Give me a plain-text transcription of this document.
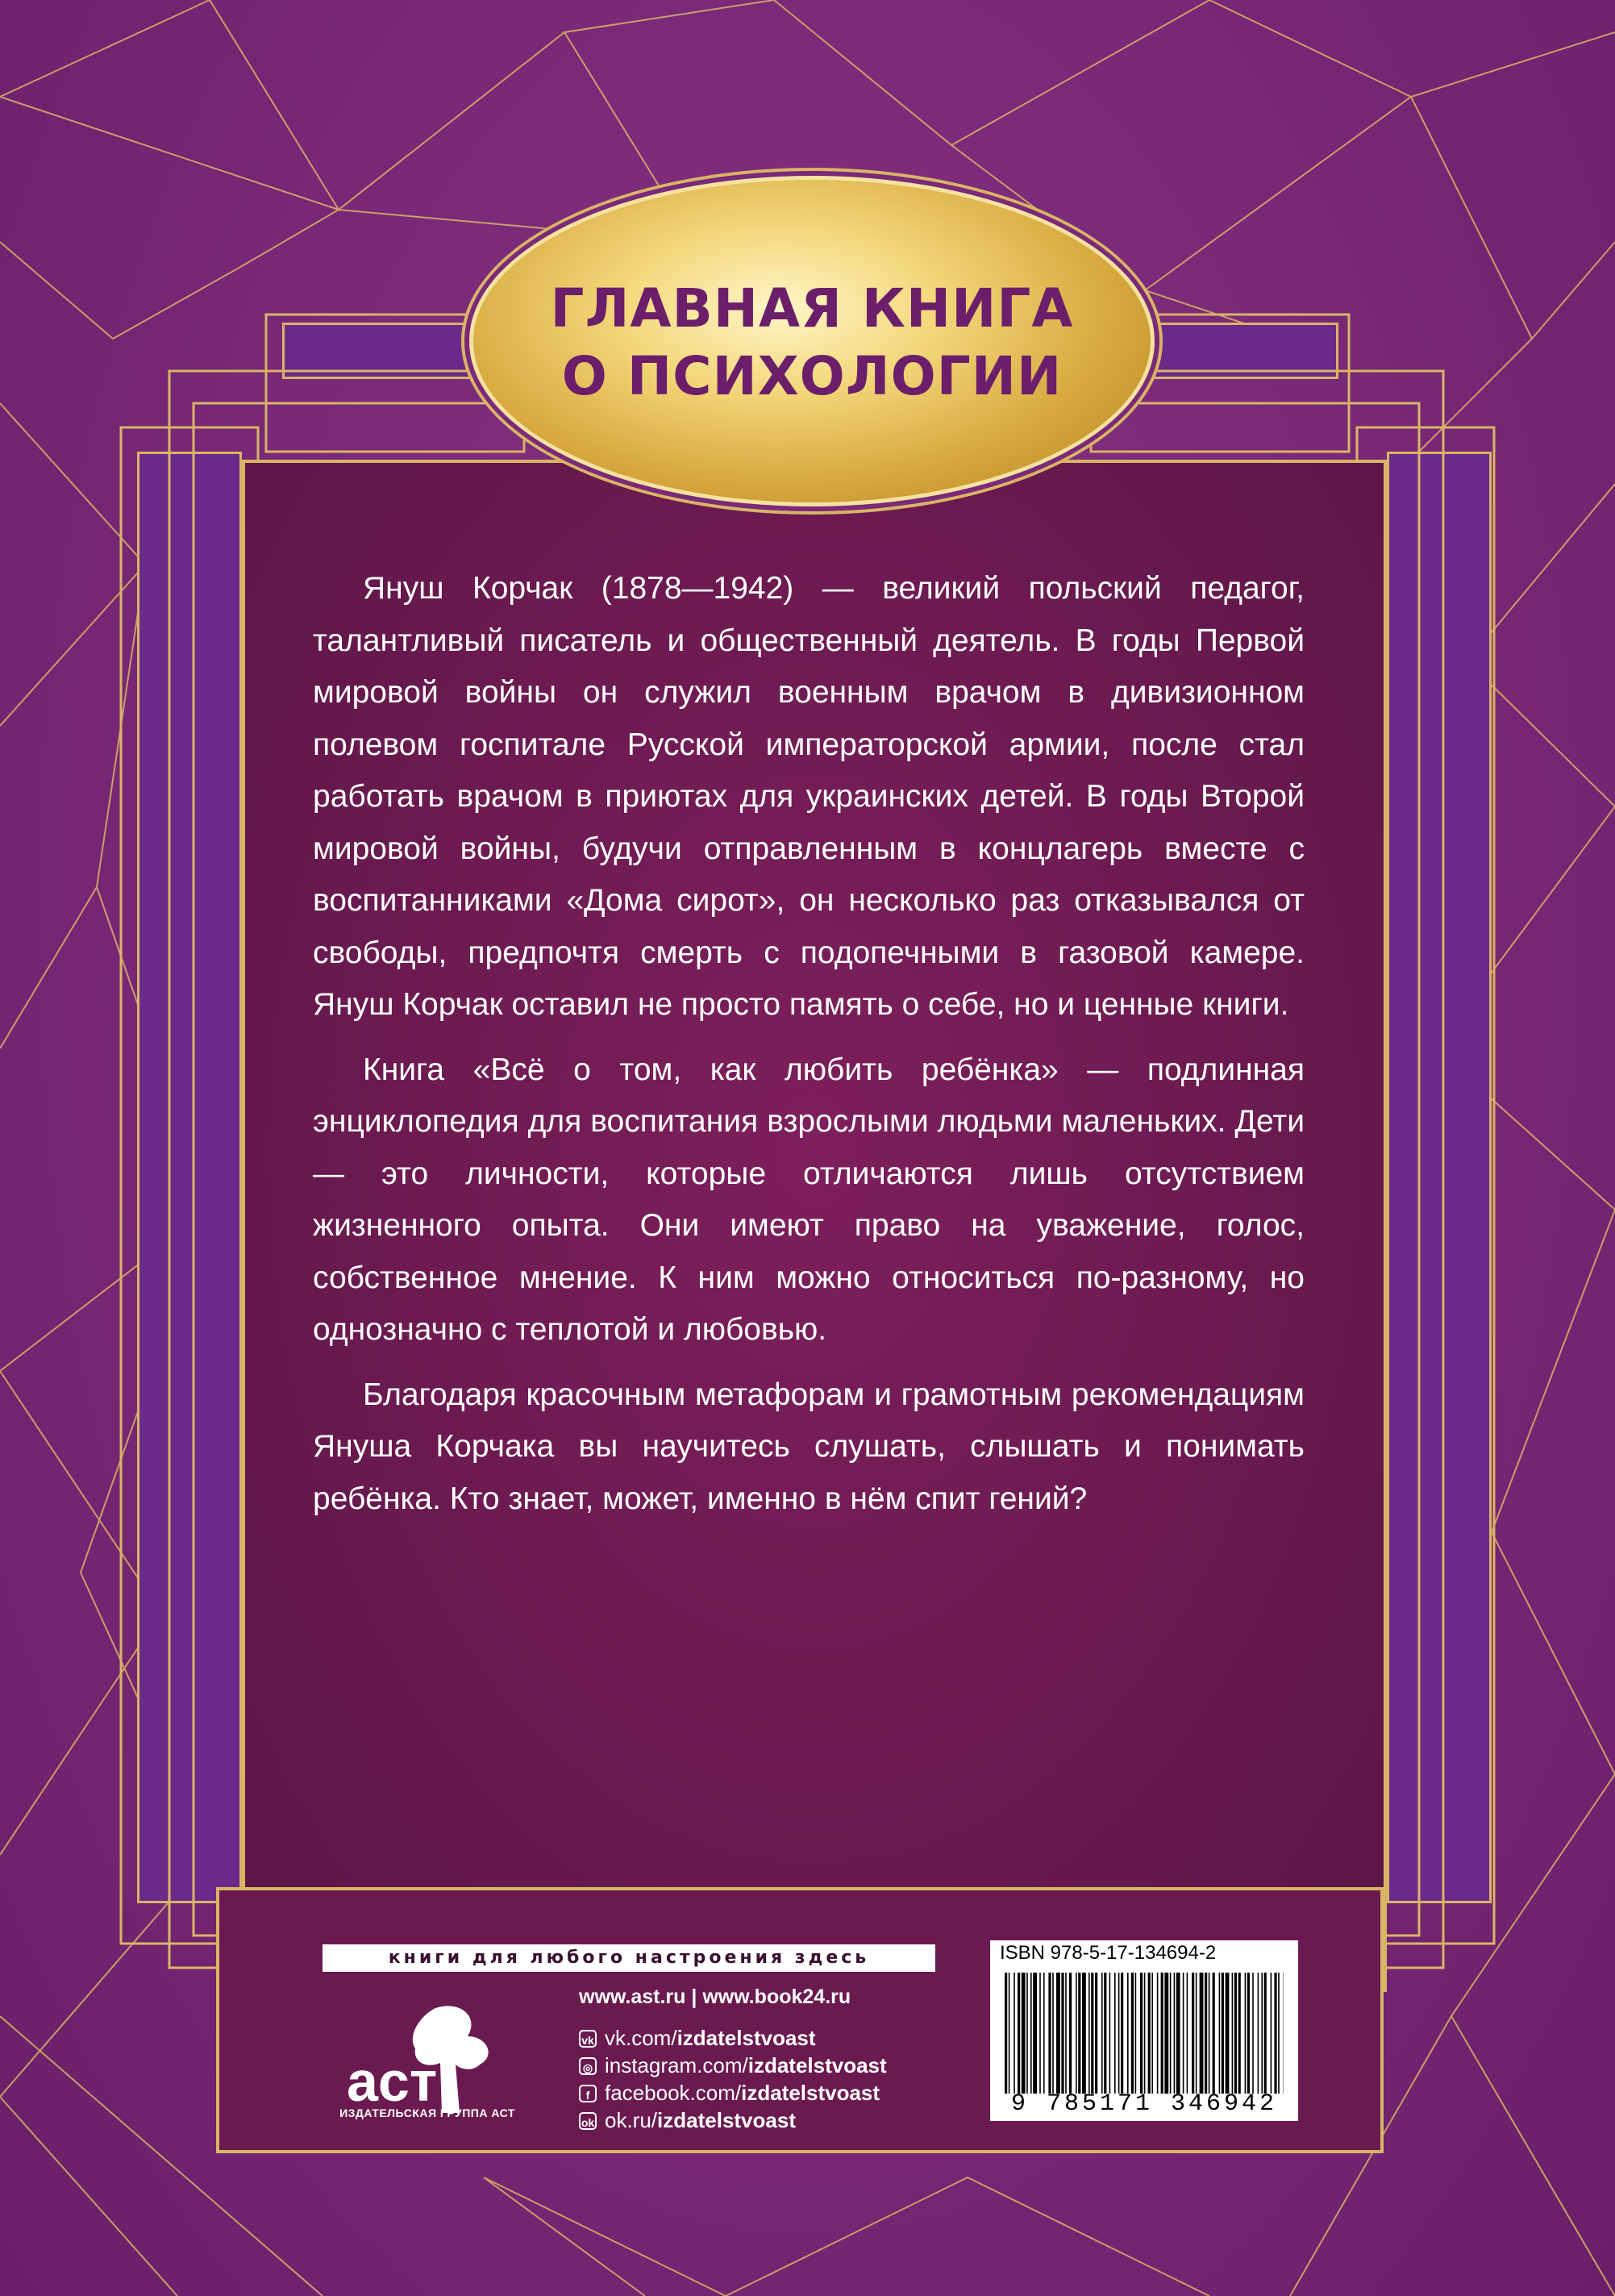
ГЛАВНАЯ КНИГА
О ПСИХОЛОГИИ

Януш Корчак (1878—1942) — великий польский педагог, талантливый писатель и общественный деятель. В годы Первой мировой войны он служил военным врачом в дивизионном полевом госпитале Русской императорской армии, после стал работать врачом в приютах для украинских детей. В годы Второй мировой войны, будучи отправленным в концлагерь вместе с воспитанниками «Дома сирот», он несколько раз отказывался от свободы, предпочтя смерть с подопечными в газовой камере. Януш Корчак оставил не просто память о себе, но и ценные книги.

Книга «Всё о том, как любить ребёнка» — подлинная энциклопедия для воспитания взрослыми людьми маленьких. Дети — это личности, которые отличаются лишь отсутствием жизненного опыта. Они имеют право на уважение, голос, собственное мнение. К ним можно относиться по-разному, но однозначно с теплотой и любовью.

Благодаря красочным метафорам и грамотным рекомендациям Януша Корчака вы научитесь слушать, слышать и понимать ребёнка. Кто знает, может, именно в нём спит гений?

книги для любого настроения здесь
аст
ИЗДАТЕЛЬСКАЯ ГРУППА АСТ
www.ast.ru | www.book24.ru
vk vk.com/ izdatelstvoast
◎ instagram.com/ izdatelstvoast
f facebook.com/ izdatelstvoast
ok ok.ru/ izdatelstvoast
ISBN 978-5-17-134694-2
9 785171 346942
